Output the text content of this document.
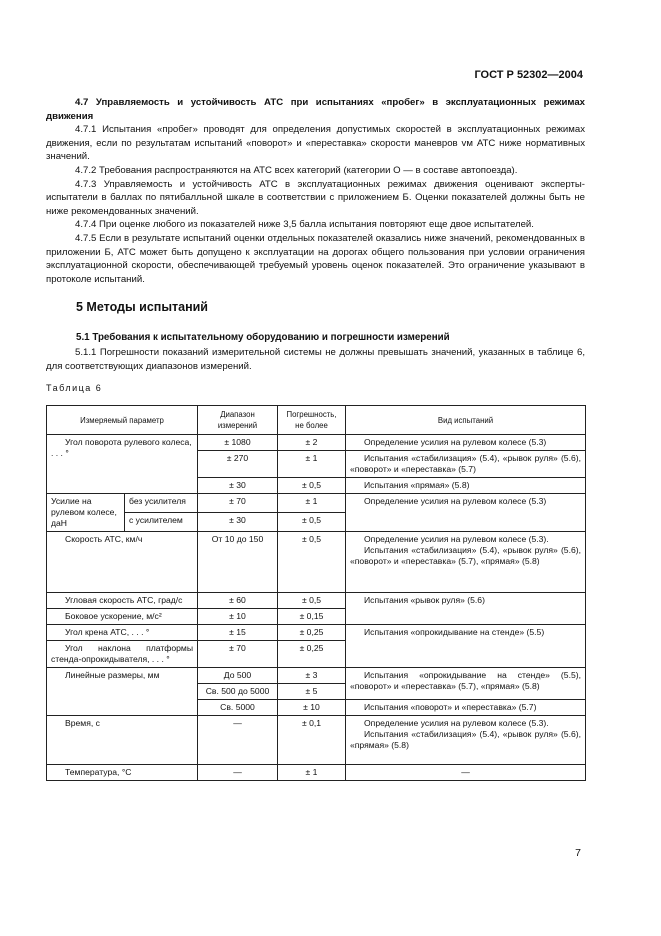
ГОСТ Р 52302—2004

4.7 Управляемость и устойчивость АТС при испытаниях «пробег» в эксплуатационных режимах движения

4.7.1 Испытания «пробег» проводят для определения допустимых скоростей в эксплуатационных режимах движения, если по результатам испытаний «поворот» и «переставка» скорости маневров vм АТС ниже нормативных значений.

4.7.2 Требования распространяются на АТС всех категорий (категории О — в составе автопоезда).

4.7.3 Управляемость и устойчивость АТС в эксплуатационных режимах движения оценивают эксперты-испытатели в баллах по пятибалльной шкале в соответствии с приложением Б. Оценки показателей должны быть не ниже рекомендованных значений.

4.7.4 При оценке любого из показателей ниже 3,5 балла испытания повторяют еще двое испытателей.

4.7.5 Если в результате испытаний оценки отдельных показателей оказались ниже значений, рекомендованных в приложении Б, АТС может быть допущено к эксплуатации на дорогах общего пользования при условии ограничения эксплуатационной скорости, обеспечивающей требуемый уровень оценок показателей. Это ограничение указывают в протоколе испытаний.

5 Методы испытаний
5.1 Требования к испытательному оборудованию и погрешности измерений

5.1.1 Погрешности показаний измерительной системы не должны превышать значений, указанных в таблице 6, для соответствующих диапазонов измерений.

Таблица 6
Измеряемый параметр		Диапазон измерений	Погрешность, не более	Вид испытаний
Угол поворота рулевого колеса, . . . °		± 1080	± 2	Определение усилия на рулевом колесе (5.3)
		± 270	± 1	Испытания «стабилизация» (5.4), «рывок руля» (5.6), «поворот» и «переставка» (5.7)
		± 30	± 0,5	Испытания «прямая» (5.8)
Усилие на рулевом колесе, даН	без усилителя	± 70	± 1	Определение усилия на рулевом колесе (5.3)
	с усилителем	± 30	± 0,5	
Скорость АТС, км/ч		От 10 до 150	± 0,5	Определение усилия на рулевом колесе (5.3).
Испытания «стабилизация» (5.4), «рывок руля» (5.6), «поворот» и «переставка» (5.7), «прямая» (5.8)

Угловая скорость АТС, град/с		± 60	± 0,5	Испытания «рывок руля» (5.6)
Боковое ускорение, м/с²		± 10	± 0,15	
Угол крена АТС, . . . °		± 15	± 0,25	Испытания «опрокидывание на стенде» (5.5)
Угол наклона платформы стенда-опрокидывателя, . . . °		± 70	± 0,25	
Линейные размеры, мм		До 500	± 3	Испытания «опрокидывание на стенде» (5.5), «поворот» и «переставка» (5.7), «прямая» (5.8)
		Св. 500 до 5000	± 5	
		Св. 5000	± 10	Испытания «поворот» и «переставка» (5.7)
Время, с		—	± 0,1	Определение усилия на рулевом колесе (5.3).
Испытания «стабилизация» (5.4), «рывок руля» (5.6), «прямая» (5.8)

Температура, °С		—	± 1	—
7
